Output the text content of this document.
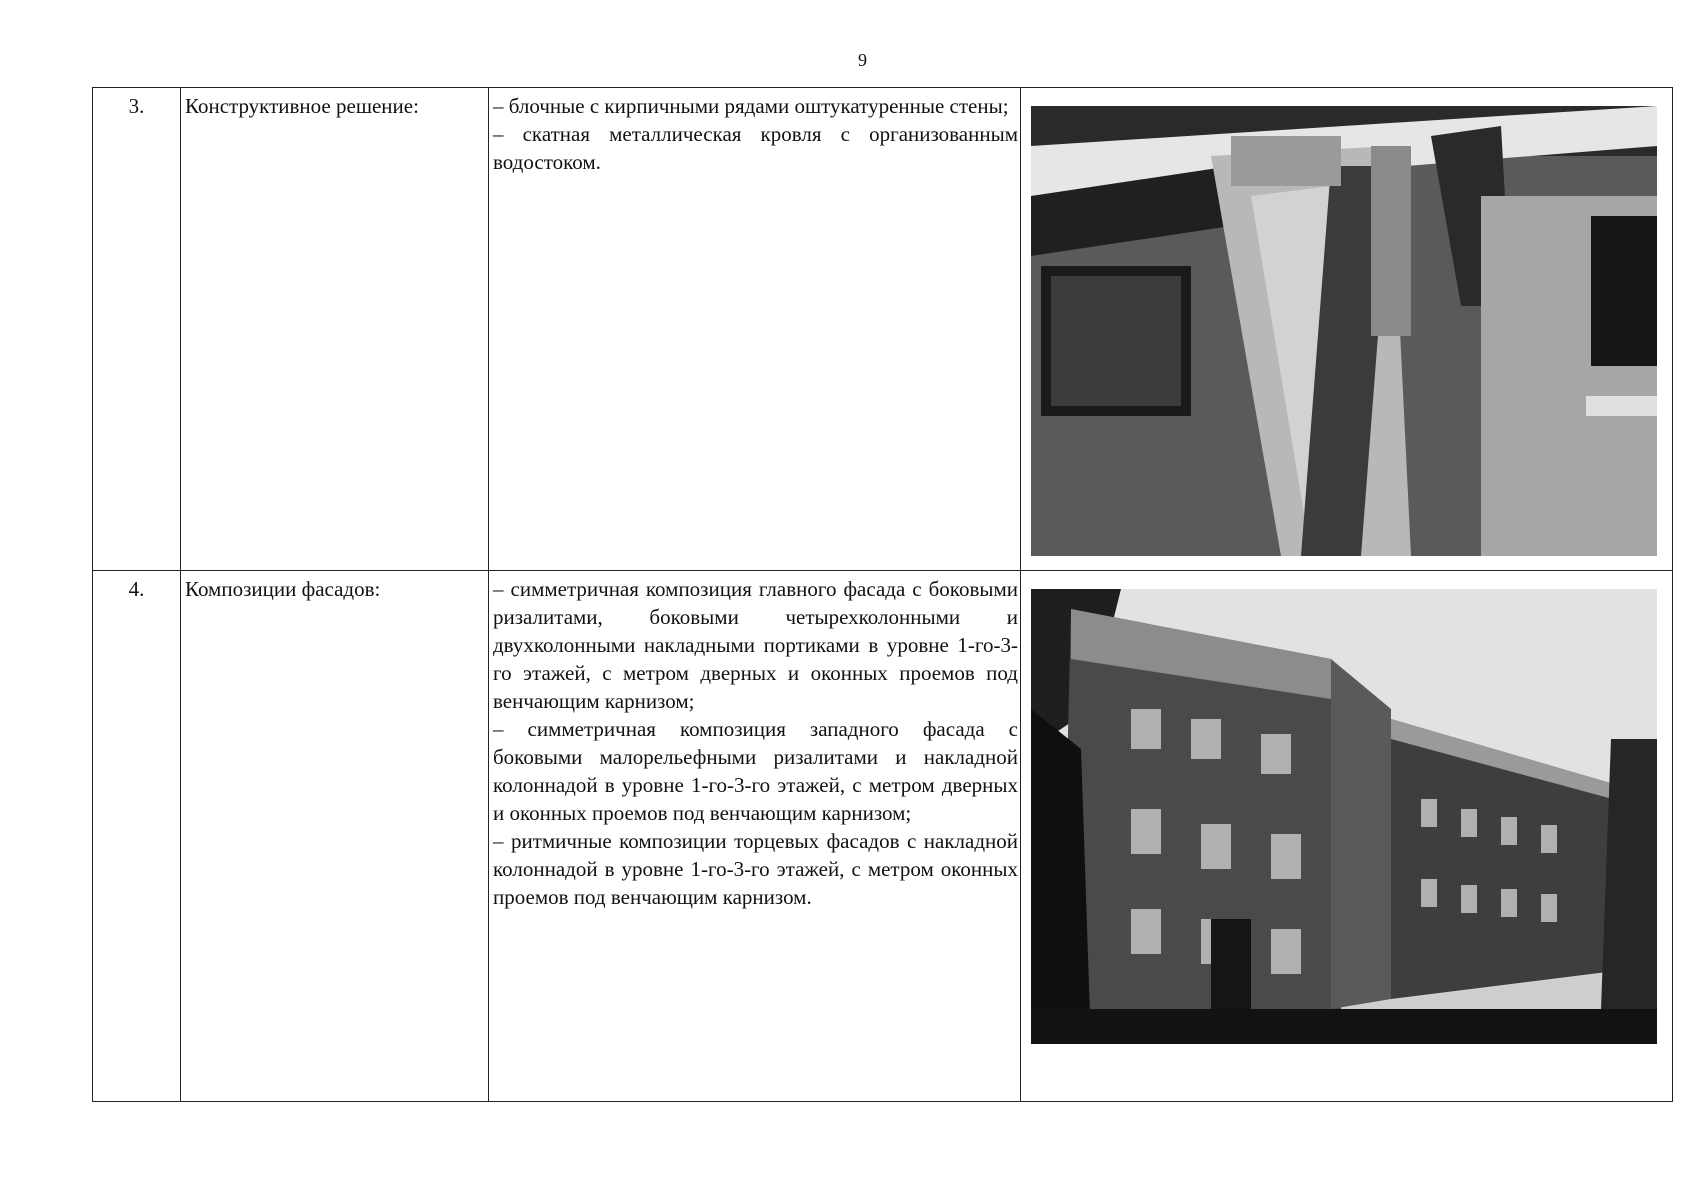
9
3.	Конструктивное решение:	– блочные с кирпичными рядами оштукатуренные стены;

– скатная металлическая кровля с организованным водостоком.

4.	Композиции фасадов:	– симметричная композиция главного фасада с боковыми ризалитами, боковыми четырехколонными и двухколонными накладными портиками в уровне 1-го-3-го этажей, с метром дверных и оконных проемов под венчающим карнизом;

– симметричная композиция западного фасада с боковыми малорельефными ризалитами и накладной колоннадой в уровне 1-го-3-го этажей, с метром дверных и оконных проемов под венчающим карнизом;

– ритмичные композиции торцевых фасадов с накладной колоннадой в уровне 1-го-3-го этажей, с метром оконных проемов под венчающим карнизом.
